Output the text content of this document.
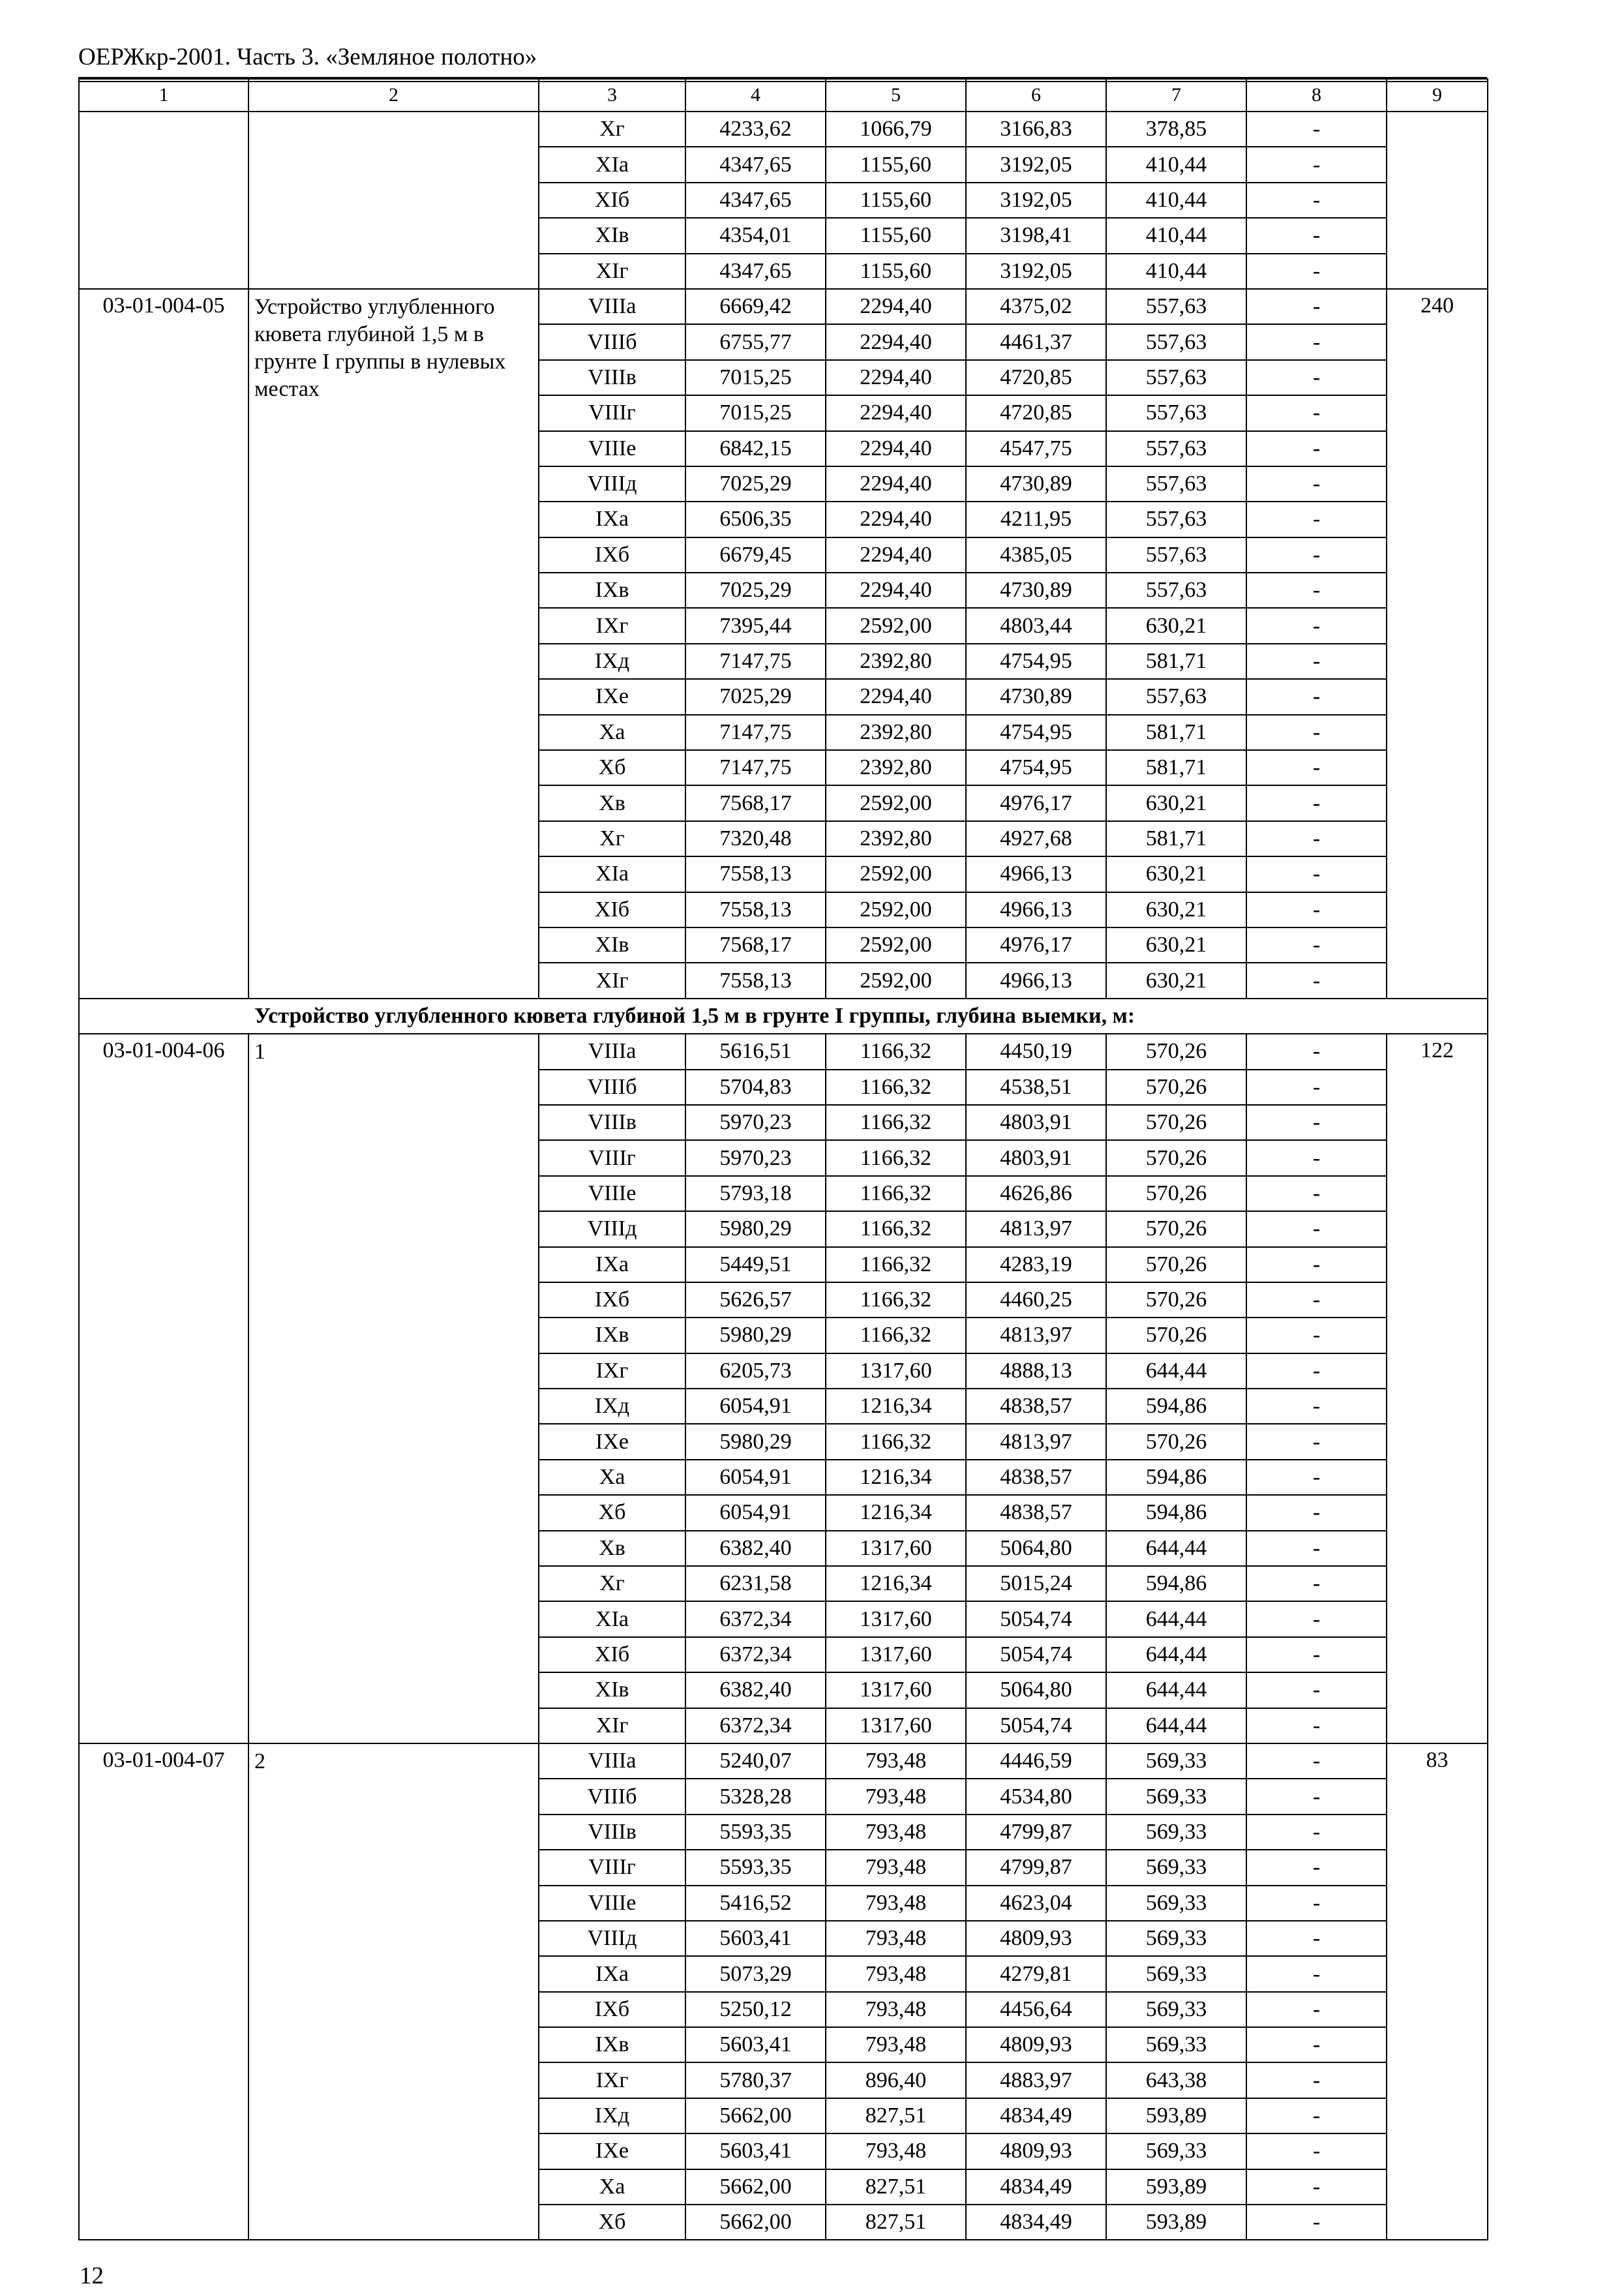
ОЕРЖкр-2001. Часть 3. «Земляное полотно»
1	2	3	4	5	6	7	8	9
		Xг	4233,62	1066,79	3166,83	378,85	-	
		XIа	4347,65	1155,60	3192,05	410,44	-	
		XIб	4347,65	1155,60	3192,05	410,44	-	
		XIв	4354,01	1155,60	3198,41	410,44	-	
		XIг	4347,65	1155,60	3192,05	410,44	-	
03-01-004-05	Устройство углубленного кювета глубиной 1,5 м в грунте I группы в нулевых местах	VIIIа	6669,42	2294,40	4375,02	557,63	-	240
		VIIIб	6755,77	2294,40	4461,37	557,63	-	
		VIIIв	7015,25	2294,40	4720,85	557,63	-	
		VIIIг	7015,25	2294,40	4720,85	557,63	-	
		VIIIе	6842,15	2294,40	4547,75	557,63	-	
		VIIIд	7025,29	2294,40	4730,89	557,63	-	
		IXа	6506,35	2294,40	4211,95	557,63	-	
		IXб	6679,45	2294,40	4385,05	557,63	-	
		IXв	7025,29	2294,40	4730,89	557,63	-	
		IXг	7395,44	2592,00	4803,44	630,21	-	
		IXд	7147,75	2392,80	4754,95	581,71	-	
		IXе	7025,29	2294,40	4730,89	557,63	-	
		Xа	7147,75	2392,80	4754,95	581,71	-	
		Xб	7147,75	2392,80	4754,95	581,71	-	
		Xв	7568,17	2592,00	4976,17	630,21	-	
		Xг	7320,48	2392,80	4927,68	581,71	-	
		XIа	7558,13	2592,00	4966,13	630,21	-	
		XIб	7558,13	2592,00	4966,13	630,21	-	
		XIв	7568,17	2592,00	4976,17	630,21	-	
		XIг	7558,13	2592,00	4966,13	630,21	-	
Устройство углубленного кювета глубиной 1,5 м в грунте I группы, глубина выемки, м:								
03-01-004-06	1	VIIIа	5616,51	1166,32	4450,19	570,26	-	122
		VIIIб	5704,83	1166,32	4538,51	570,26	-	
		VIIIв	5970,23	1166,32	4803,91	570,26	-	
		VIIIг	5970,23	1166,32	4803,91	570,26	-	
		VIIIе	5793,18	1166,32	4626,86	570,26	-	
		VIIIд	5980,29	1166,32	4813,97	570,26	-	
		IXа	5449,51	1166,32	4283,19	570,26	-	
		IXб	5626,57	1166,32	4460,25	570,26	-	
		IXв	5980,29	1166,32	4813,97	570,26	-	
		IXг	6205,73	1317,60	4888,13	644,44	-	
		IXд	6054,91	1216,34	4838,57	594,86	-	
		IXе	5980,29	1166,32	4813,97	570,26	-	
		Xа	6054,91	1216,34	4838,57	594,86	-	
		Xб	6054,91	1216,34	4838,57	594,86	-	
		Xв	6382,40	1317,60	5064,80	644,44	-	
		Xг	6231,58	1216,34	5015,24	594,86	-	
		XIа	6372,34	1317,60	5054,74	644,44	-	
		XIб	6372,34	1317,60	5054,74	644,44	-	
		XIв	6382,40	1317,60	5064,80	644,44	-	
		XIг	6372,34	1317,60	5054,74	644,44	-	
03-01-004-07	2	VIIIа	5240,07	793,48	4446,59	569,33	-	83
		VIIIб	5328,28	793,48	4534,80	569,33	-	
		VIIIв	5593,35	793,48	4799,87	569,33	-	
		VIIIг	5593,35	793,48	4799,87	569,33	-	
		VIIIе	5416,52	793,48	4623,04	569,33	-	
		VIIIд	5603,41	793,48	4809,93	569,33	-	
		IXа	5073,29	793,48	4279,81	569,33	-	
		IXб	5250,12	793,48	4456,64	569,33	-	
		IXв	5603,41	793,48	4809,93	569,33	-	
		IXг	5780,37	896,40	4883,97	643,38	-	
		IXд	5662,00	827,51	4834,49	593,89	-	
		IXе	5603,41	793,48	4809,93	569,33	-	
		Xа	5662,00	827,51	4834,49	593,89	-	
		Xб	5662,00	827,51	4834,49	593,89	-	
12
